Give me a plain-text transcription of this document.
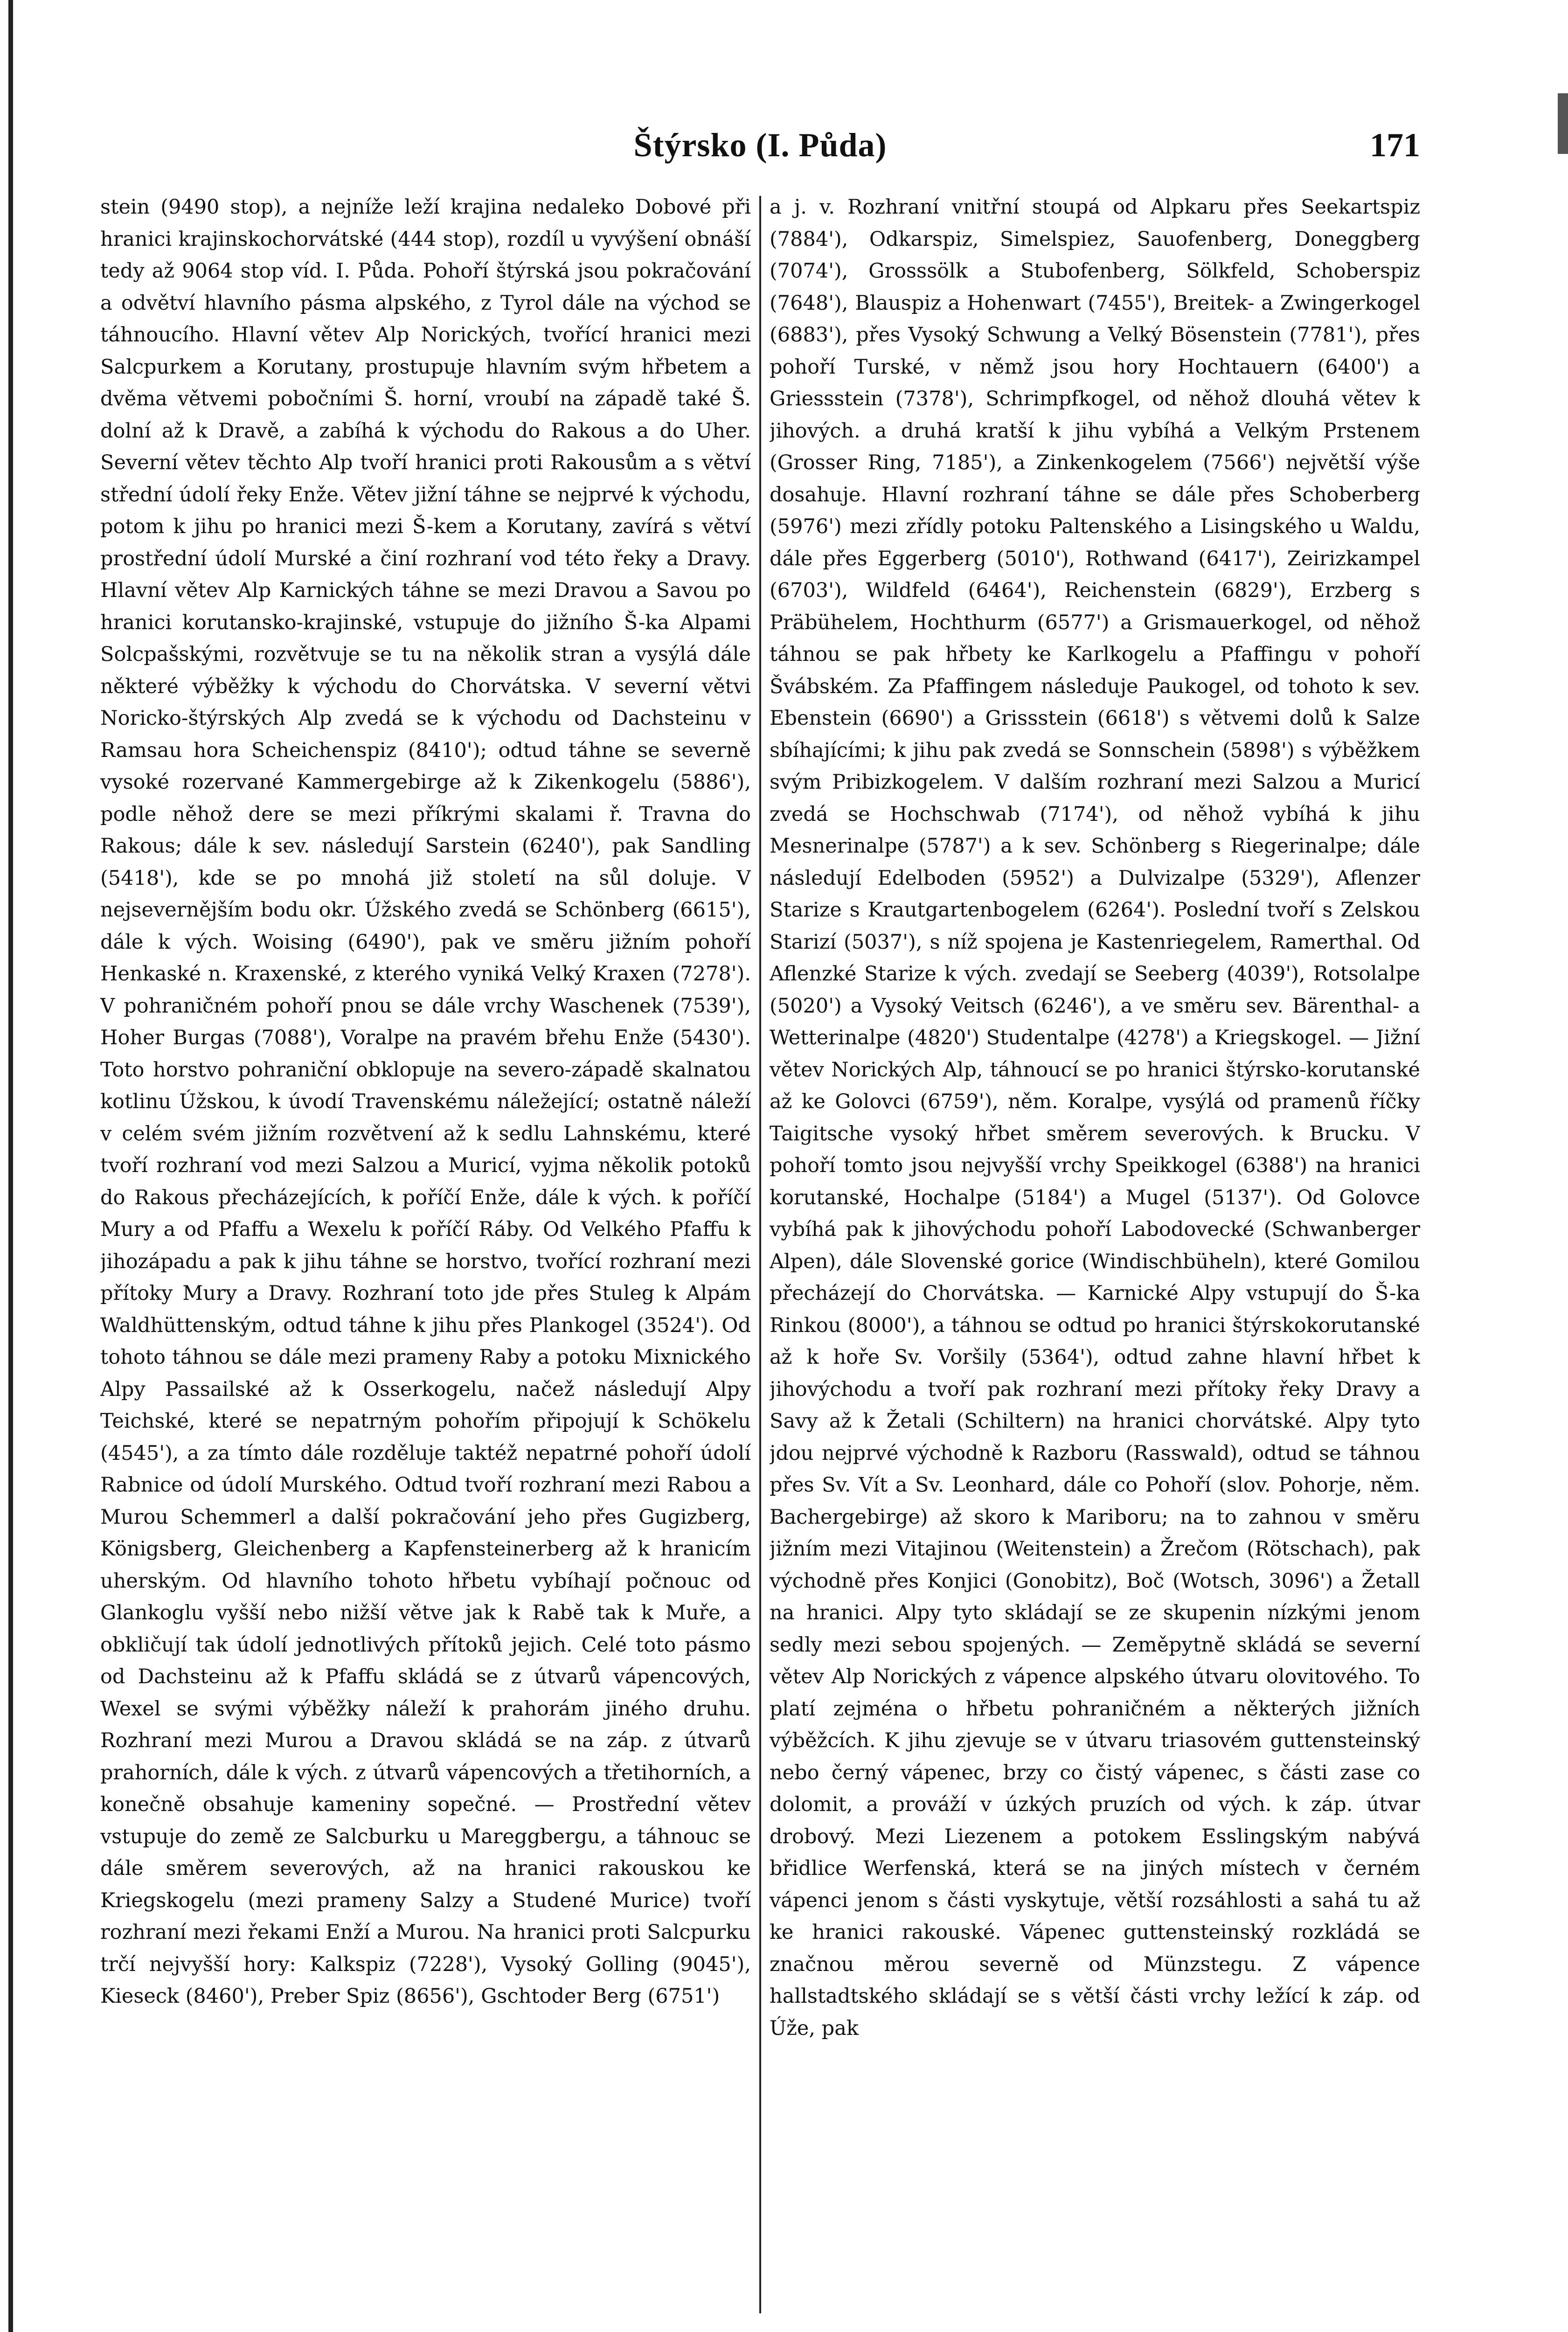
Štýrsko (I. Půda)	171

stein (9490 stop), a nejníže leží krajina nedaleko Dobové při hranici krajinskochorvátské (444 stop), rozdíl u vyvýšení obnáší tedy až 9064 stop víd. I. Půda. Pohoří štýrská jsou pokračování a odvětví hlavního pásma alpského, z Tyrol dále na východ se táhnoucího. Hlavní větev Alp Norických, tvořící hranici mezi Salcpurkem a Korutany, prostupuje hlavním svým hřbetem a dvěma větvemi pobočními Š. horní, vroubí na západě také Š. dolní až k Dravě, a zabíhá k východu do Rakous a do Uher. Severní větev těchto Alp tvoří hranici proti Rakousům a s větví střední údolí řeky Enže. Větev jižní táhne se nejprvé k východu, potom k jihu po hranici mezi Š-kem a Korutany, zavírá s větví prostřední údolí Murské a činí rozhraní vod této řeky a Dravy. Hlavní větev Alp Karnických táhne se mezi Dravou a Savou po hranici korutansko-krajinské, vstupuje do jižního Š-ka Alpami Solcpašskými, rozvětvuje se tu na několik stran a vysýlá dále některé výběžky k východu do Chorvátska. V severní větvi Noricko-štýrských Alp zvedá se k východu od Dachsteinu v Ramsau hora Scheichenspiz (8410'); odtud táhne se severně vysoké rozervané Kammergebirge až k Zikenkogelu (5886'), podle něhož dere se mezi příkrými skalami ř. Travna do Rakous; dále k sev. následují Sarstein (6240'), pak Sandling (5418'), kde se po mnohá již století na sůl doluje. V nejsevernějším bodu okr. Úžského zvedá se Schönberg (6615'), dále k vých. Woising (6490'), pak ve směru jižním pohoří Henkaské n. Kraxenské, z kterého vyniká Velký Kraxen (7278'). V pohraničném pohoří pnou se dále vrchy Waschenek (7539'), Hoher Burgas (7088'), Voralpe na pravém břehu Enže (5430'). Toto horstvo pohraniční obklopuje na severo-západě skalnatou kotlinu Úžskou, k úvodí Travenskému náležející; ostatně náleží v celém svém jižním rozvětvení až k sedlu Lahnskému, které tvoří rozhraní vod mezi Salzou a Muricí, vyjma několik potoků do Rakous přecházejících, k poříčí Enže, dále k vých. k poříčí Mury a od Pfaffu a Wexelu k poříčí Ráby. Od Velkého Pfaffu k jihozápadu a pak k jihu táhne se horstvo, tvořící rozhraní mezi přítoky Mury a Dravy. Rozhraní toto jde přes Stuleg k Alpám Waldhüttenským, odtud táhne k jihu přes Plankogel (3524'). Od tohoto táhnou se dále mezi prameny Raby a potoku Mixnického Alpy Passailské až k Osserkogelu, načež následují Alpy Teichské, které se nepatrným pohořím připojují k Schökelu (4545'), a za tímto dále rozděluje taktéž nepatrné pohoří údolí Rabnice od údolí Murského. Odtud tvoří rozhraní mezi Rabou a Murou Schemmerl a další pokračování jeho přes Gugizberg, Königsberg, Gleichenberg a Kapfensteinerberg až k hranicím uherským. Od hlavního tohoto hřbetu vybíhají počnouc od Glankoglu vyšší nebo nižší větve jak k Rabě tak k Muře, a obkličují tak údolí jednotlivých přítoků jejich. Celé toto pásmo od Dachsteinu až k Pfaffu skládá se z útvarů vápencových, Wexel se svými výběžky náleží k prahorám jiného druhu. Rozhraní mezi Murou a Dravou skládá se na záp. z útvarů prahorních, dále k vých. z útvarů vápencových a třetihorních, a konečně obsahuje kameniny sopečné. — Prostřední větev vstupuje do země ze Salcburku u Mareggbergu, a táhnouc se dále směrem severových, až na hranici rakouskou ke Kriegskogelu (mezi prameny Salzy a Studené Murice) tvoří rozhraní mezi řekami Enží a Murou. Na hranici proti Salcpurku trčí nejvyšší hory: Kalkspiz (7228'), Vysoký Golling (9045'), Kieseck (8460'), Preber Spiz (8656'), Gschtoder Berg (6751')

a j. v. Rozhraní vnitřní stoupá od Alpkaru přes Seekartspiz (7884'), Odkarspiz, Simelspiez, Sauofenberg, Doneggberg (7074'), Grosssölk a Stubofenberg, Sölkfeld, Schoberspiz (7648'), Blauspiz a Hohenwart (7455'), Breitek- a Zwingerkogel (6883'), přes Vysoký Schwung a Velký Bösenstein (7781'), přes pohoří Turské, v němž jsou hory Hochtauern (6400') a Griessstein (7378'), Schrimpfkogel, od něhož dlouhá větev k jihových. a druhá kratší k jihu vybíhá a Velkým Prstenem (Grosser Ring, 7185'), a Zinkenkogelem (7566') největší výše dosahuje. Hlavní rozhraní táhne se dále přes Schoberberg (5976') mezi zřídly potoku Paltenského a Lisingského u Waldu, dále přes Eggerberg (5010'), Rothwand (6417'), Zeirizkampel (6703'), Wildfeld (6464'), Reichenstein (6829'), Erzberg s Präbühelem, Hochthurm (6577') a Grismauerkogel, od něhož táhnou se pak hřbety ke Karlkogelu a Pfaffingu v pohoří Švábském. Za Pfaffingem následuje Paukogel, od tohoto k sev. Ebenstein (6690') a Grissstein (6618') s větvemi dolů k Salze sbíhajícími; k jihu pak zvedá se Sonnschein (5898') s výběžkem svým Pribizkogelem. V dalším rozhraní mezi Salzou a Muricí zvedá se Hochschwab (7174'), od něhož vybíhá k jihu Mesnerinalpe (5787') a k sev. Schönberg s Riegerinalpe; dále následují Edelboden (5952') a Dulvizalpe (5329'), Aflenzer Starize s Krautgartenbogelem (6264'). Poslední tvoří s Zelskou Starizí (5037'), s níž spojena je Kastenriegelem, Ramerthal. Od Aflenzké Starize k vých. zvedají se Seeberg (4039'), Rotsolalpe (5020') a Vysoký Veitsch (6246'), a ve směru sev. Bärenthal- a Wetterinalpe (4820') Studentalpe (4278') a Kriegskogel. — Jižní větev Norických Alp, táhnoucí se po hranici štýrsko-korutanské až ke Golovci (6759'), něm. Koralpe, vysýlá od pramenů říčky Taigitsche vysoký hřbet směrem severových. k Brucku. V pohoří tomto jsou nejvyšší vrchy Speikkogel (6388') na hranici korutanské, Hochalpe (5184') a Mugel (5137'). Od Golovce vybíhá pak k jihovýchodu pohoří Labodovecké (Schwanberger Alpen), dále Slovenské gorice (Windischbüheln), které Gomilou přecházejí do Chorvátska. — Karnické Alpy vstupují do Š-ka Rinkou (8000'), a táhnou se odtud po hranici štýrskokorutanské až k hoře Sv. Voršily (5364'), odtud zahne hlavní hřbet k jihovýchodu a tvoří pak rozhraní mezi přítoky řeky Dravy a Savy až k Žetali (Schiltern) na hranici chorvátské. Alpy tyto jdou nejprvé východně k Razboru (Rasswald), odtud se táhnou přes Sv. Vít a Sv. Leonhard, dále co Pohoří (slov. Pohorje, něm. Bachergebirge) až skoro k Mariboru; na to zahnou v směru jižním mezi Vitajinou (Weitenstein) a Žrečom (Rötschach), pak východně přes Konjici (Gonobitz), Boč (Wotsch, 3096') a Žetall na hranici. Alpy tyto skládají se ze skupenin nízkými jenom sedly mezi sebou spojených. — Zeměpytně skládá se severní větev Alp Norických z vápence alpského útvaru olovitového. To platí zejména o hřbetu pohraničném a některých jižních výběžcích. K jihu zjevuje se v útvaru triasovém guttensteinský nebo černý vápenec, brzy co čistý vápenec, s části zase co dolomit, a prováží v úzkých pruzích od vých. k záp. útvar drobový. Mezi Liezenem a potokem Esslingským nabývá břidlice Werfenská, která se na jiných místech v černém vápenci jenom s části vyskytuje, větší rozsáhlosti a sahá tu až ke hranici rakouské. Vápenec guttensteinský rozkládá se značnou měrou severně od Münzstegu. Z vápence hallstadtského skládají se s větší části vrchy ležící k záp. od Úže, pak
